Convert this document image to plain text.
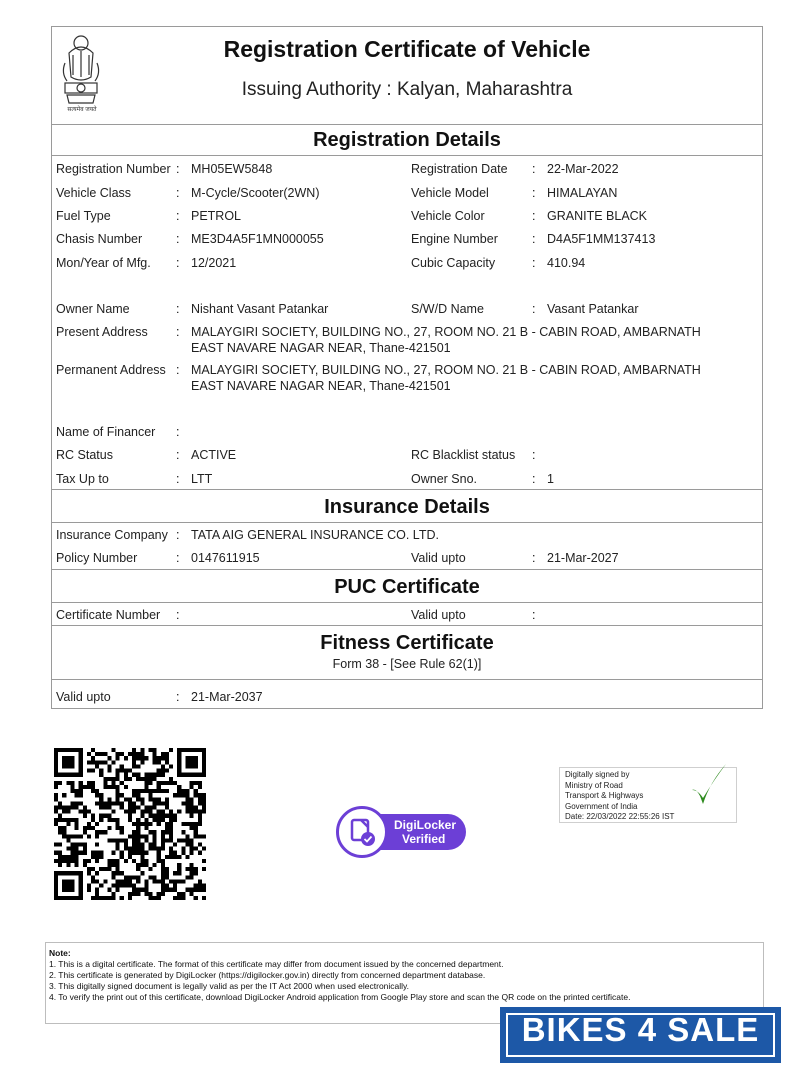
सत्यमेव जयते
Registration Certificate of Vehicle
Issuing Authority : Kalyan, Maharashtra
Registration Details
Registration Number : MH05EW5848	Registration Date : 22-Mar-2022
Vehicle Class	: M-Cycle/Scooter(2WN)	Vehicle Model	: HIMALAYAN
Fuel Type	: PETROL	Vehicle Color	: GRANITE BLACK
Chasis Number	: ME3D4A5F1MN000055	Engine Number	: D4A5F1MM137413
Mon/Year of Mfg. : 12/2021	Cubic Capacity	: 410.94
Owner Name	: Nishant Vasant Patankar	S/W/D Name	: Vasant Patankar
Present Address : MALAYGIRI SOCIETY, BUILDING NO., 27, ROOM NO. 21 B - CABIN ROAD, AMBARNATH EAST NAVARE NAGAR NEAR, Thane-421501
Permanent Address : MALAYGIRI SOCIETY, BUILDING NO., 27, ROOM NO. 21 B - CABIN ROAD, AMBARNATH EAST NAVARE NAGAR NEAR, Thane-421501
Name of Financer :
RC Status	: ACTIVE	RC Blacklist status :
Tax Up to	: LTT	Owner Sno.	: 1
Insurance Details
Insurance Company : TATA AIG GENERAL INSURANCE CO. LTD.
Policy Number	: 0147611915	Valid upto	: 21-Mar-2027
PUC Certificate
Certificate Number :	Valid upto	:
Fitness Certificate
Form 38 - [See Rule 62(1)]
Valid upto	: 21-Mar-2037
DigiLocker
Verified
Digitally signed by
Ministry of Road
Transport & Highways
Government of India
Date: 22/03/2022 22:55:26 IST
Note:
1. This is a digital certificate. The format of this certificate may differ from document issued by the concerned department.
2. This certificate is generated by DigiLocker (https://digilocker.gov.in) directly from concerned department database.
3. This digitally signed document is legally valid as per the IT Act 2000 when used electronically.
4. To verify the print out of this certificate, download DigiLocker Android application from Google Play store and scan the QR code on the printed certificate.
BIKES 4 SALE
